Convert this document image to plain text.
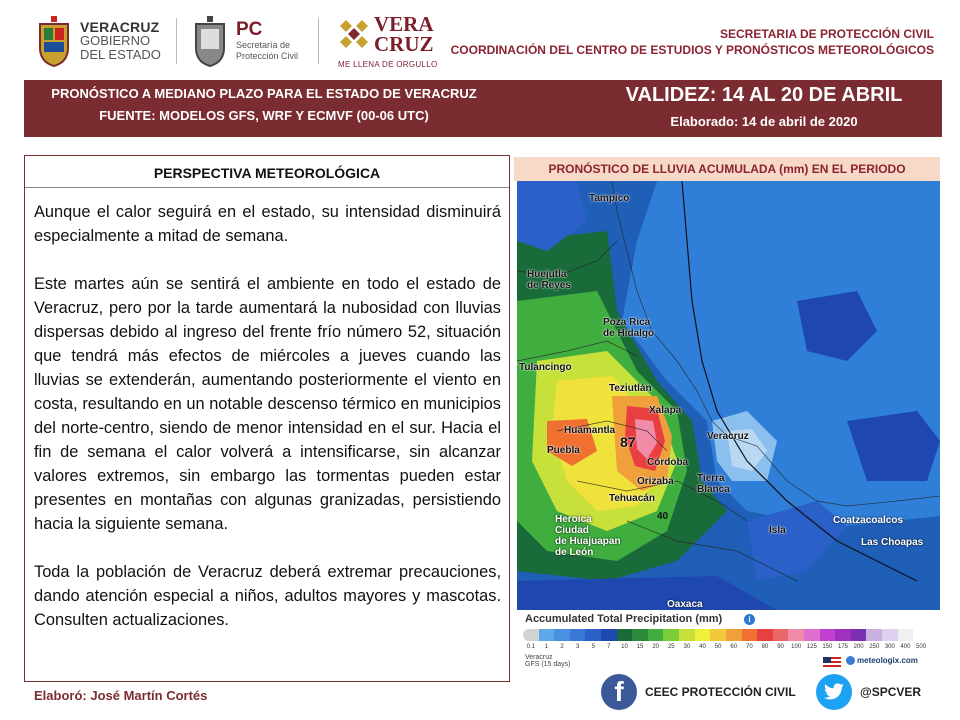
VERACRUZ
GOBIERNO
DEL ESTADO
PC
Secretaría de
Protección Civil
VERA
CRUZ
ME LLENA DE ORGULLO
SECRETARIA DE PROTECCIÓN CIVIL
COORDINACIÓN DEL CENTRO DE ESTUDIOS Y PRONÓSTICOS METEOROLÓGICOS
PRONÓSTICO A MEDIANO PLAZO PARA EL ESTADO DE VERACRUZ
FUENTE: MODELOS GFS, WRF Y ECMVF (00-06 UTC)
VALIDEZ: 14 AL 20 DE ABRIL
Elaborado: 14 de abril de 2020
PERSPECTIVA METEOROLÓGICA

Aunque el calor seguirá en el estado, su intensidad disminuirá especialmente a mitad de semana.

Este martes aún se sentirá el ambiente en todo el estado de Veracruz, pero por la tarde aumentará la nubosidad con lluvias dispersas debido al ingreso del frente frío número 52, situación que tendrá más efectos de miércoles a jueves cuando las lluvias se extenderán, aumentando posteriormente el viento en costa, resultando en un notable descenso térmico en municipios del norte-centro, siendo de menor intensidad en el sur. Hacia el fin de semana el calor volverá a intensificarse, sin alcanzar valores extremos, sin embargo las tormentas pueden estar presentes en montañas con algunas granizadas, persistiendo hacia la siguiente semana.

Toda la población de Veracruz deberá extremar precauciones, dando atención especial a niños, adultos mayores y mascotas. Consulten actualizaciones.

Elaboró: José Martín Cortés
PRONÓSTICO DE LLUVIA ACUMULADA (mm) EN EL PERIODO
Tampico
Huejutla
de Reyes
Poza Rica
de Hidalgo
Tulancingo
Teziutlán
Xalapa
Veracruz
Huamantla
Puebla
Córdoba
Orizaba Tierra
Blanca
Tehuacán
Heroica
Ciudad
de Huajuapan
de León
Isla
Coatzacoalcos
Las Choapas
Oaxaca
87
40
Accumulated Total Precipitation (mm)	i
0.1	1	2	3	5	7	10	15	20	25	30	40	50	60	70	80	90	100 125 150 175 200 250 300 400 500
Veracruz
GFS (15 days)	meteologix.com
f	CEEC PROTECCIÓN CIVIL	@SPCVER
